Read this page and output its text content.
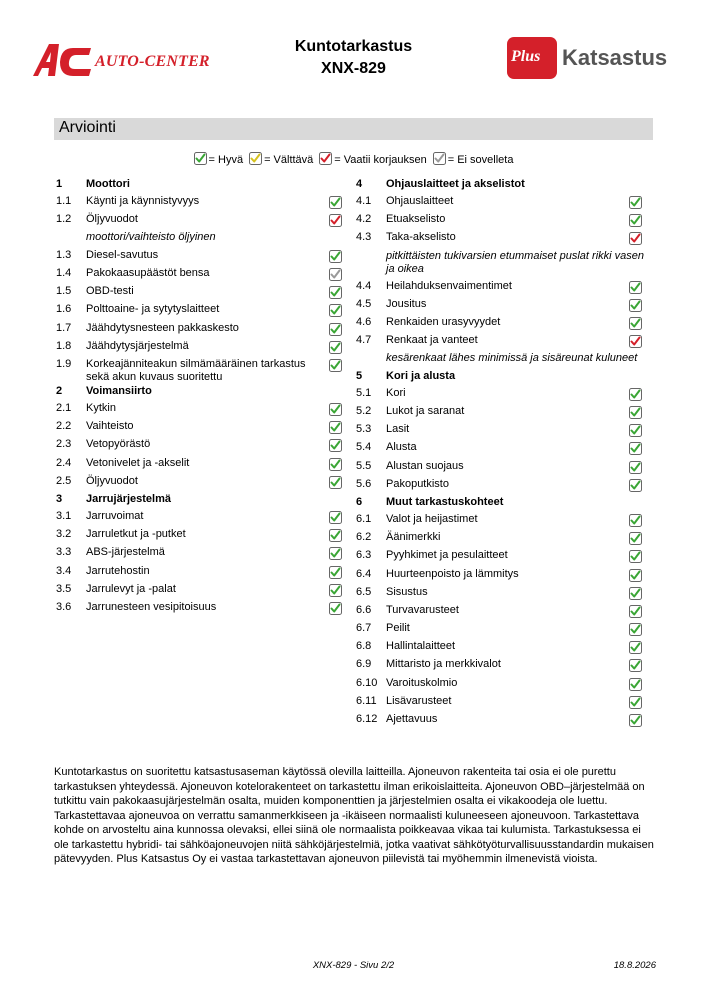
AUTO-CENTER
Kuntotarkastus
XNX-829
Plus Katsastus
Arviointi
= Hyvä = Välttävä = Vaatii korjauksen = Ei sovelleta
1 Moottori
1.1 Käynti ja käynnistyvyys
1.2 Öljyvuodot
moottori/vaihteisto öljyinen
1.3 Diesel-savutus
1.4 Pakokaasupäästöt bensa
1.5 OBD-testi
1.6 Polttoaine- ja sytytyslaitteet
1.7 Jäähdytysnesteen pakkaskesto
1.8 Jäähdytysjärjestelmä
1.9 Korkeajänniteakun silmämääräinen tarkastus sekä akun kuvaus suoritettu
2 Voimansiirto
2.1 Kytkin
2.2 Vaihteisto
2.3 Vetopyörästö
2.4 Vetonivelet ja -akselit
2.5 Öljyvuodot
3 Jarrujärjestelmä
3.1 Jarruvoimat
3.2 Jarruletkut ja -putket
3.3 ABS-järjestelmä
3.4 Jarrutehostin
3.5 Jarrulevyt ja -palat
3.6 Jarrunesteen vesipitoisuus
4 Ohjauslaitteet ja akselistot
4.1 Ohjauslaitteet
4.2 Etuakselisto
4.3 Taka-akselisto
pitkittäisten tukivarsien etummaiset puslat rikki vasen ja oikea
4.4 Heilahduksenvaimentimet
4.5 Jousitus
4.6 Renkaiden urasyvyydet
4.7 Renkaat ja vanteet
kesärenkaat lähes minimissä ja sisäreunat kuluneet
5 Kori ja alusta
5.1 Kori
5.2 Lukot ja saranat
5.3 Lasit
5.4 Alusta
5.5 Alustan suojaus
5.6 Pakoputkisto
6 Muut tarkastuskohteet
6.1 Valot ja heijastimet
6.2 Äänimerkki
6.3 Pyyhkimet ja pesulaitteet
6.4 Huurteenpoisto ja lämmitys
6.5 Sisustus
6.6 Turvavarusteet
6.7 Peilit
6.8 Hallintalaitteet
6.9 Mittaristo ja merkkivalot
6.10 Varoituskolmio
6.11 Lisävarusteet
6.12 Ajettavuus
Kuntotarkastus on suoritettu katsastusaseman käytössä olevilla laitteilla. Ajoneuvon rakenteita tai osia ei ole purettu tarkastuksen yhteydessä. Ajoneuvon kotelorakenteet on tarkastettu ilman erikoislaitteita. Ajoneuvon OBD–järjestelmää on tutkittu vain pakokaasujärjestelmän osalta, muiden komponenttien ja järjestelmien osalta ei vikakoodeja ole luettu. Tarkastettavaa ajoneuvoa on verrattu samanmerkkiseen ja -ikäiseen normaalisti kuluneeseen ajoneuvoon. Tarkastettava kohde on arvosteltu aina kunnossa olevaksi, ellei siinä ole normaalista poikkeavaa vikaa tai kulumista. Tarkastuksessa ei ole tarkastettu hybridi- tai sähköajoneuvojen niitä sähköjärjestelmiä, jotka vaativat sähkötyöturvallisuusstandardin mukaisen pätevyyden. Plus Katsastus Oy ei vastaa tarkastettavan ajoneuvon piilevistä tai myöhemmin ilmenevistä vioista.
XNX-829 - Sivu 2/2	18.8.2026
